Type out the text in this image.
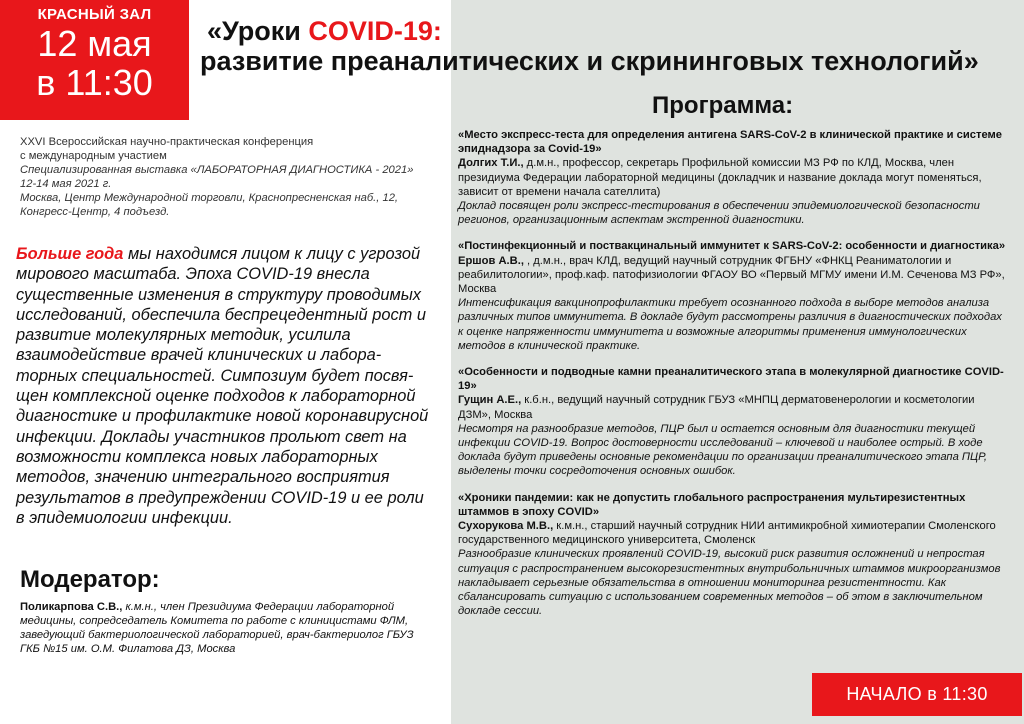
КРАСНЫЙ ЗАЛ
12 мая
в 11:30
«Уроки COVID-19:
развитие преаналитических и скрининговых технологий»
XXVI Всероссийская научно-практическая конференция
с международным участием
Специализированная выставка «ЛАБОРАТОРНАЯ ДИАГНОСТИКА - 2021»
12-14 мая 2021 г.
Москва, Центр Международной торговли, Краснопресненская наб., 12,
Конгресс-Центр, 4 подъезд.
Больше года мы находимся лицом к лицу с угрозой мирового масштаба. Эпоха COVID-19 внесла существенные изменения в структуру проводимых исследований, обеспечила беспрецедентный рост и развитие молекулярных методик, усилила взаимодействие врачей клинических и лабораторных специальностей. Симпозиум будет посвящен комплексной оценке подходов к лабораторной диагностике и профилактике новой коронавирусной инфекции. Доклады участников прольют свет на возможности комплекса новых лабораторных методов, значению интегрального восприятия результатов в предупреждении COVID-19 и ее роли в эпидемиологии инфекции.
Модератор:
Поликарпова С.В., к.м.н., член Президиума Федерации лабораторной медицины, сопредседатель Комитета по работе с клиницистами ФЛМ, заведующий бактериологической лабораторией, врач-бактериолог ГБУЗ ГКБ №15 им. О.М. Филатова ДЗ, Москва
Программа:
«Место экспресс-теста для определения антигена SARS-CoV-2 в клинической практике и системе эпиднадзора за Covid-19»
Долгих Т.И., д.м.н., профессор, секретарь Профильной комиссии МЗ РФ по КЛД, Москва, член президиума Федерации лабораторной медицины (докладчик и название доклада могут поменяться, зависит от времени начала сателлита)
Доклад посвящен роли экспресс-тестирования в обеспечении эпидемиологической безопасности регионов, организационным аспектам экстренной диагностики.
«Постинфекционный и поствакцинальный иммунитет к SARS-CoV-2: особенности и диагностика»
Ершов А.В., , д.м.н., врач КЛД, ведущий научный сотрудник ФГБНУ «ФНКЦ Реаниматологии и реабилитологии», проф.каф. патофизиологии ФГАОУ ВО «Первый МГМУ имени И.М. Сеченова МЗ РФ», Москва
Интенсификация вакцинопрофилактики требует осознанного подхода в выборе методов анализа различных типов иммунитета. В докладе будут рассмотрены различия в диагностических подходах к оценке напряженности иммунитета и возможные алгоритмы применения иммунологических методов в клинической практике.
«Особенности и подводные камни преаналитического этапа в молекулярной диагностике COVID-19»
Гущин А.Е., к.б.н., ведущий научный сотрудник ГБУЗ «МНПЦ дерматовенерологии и косметологии ДЗМ», Москва
Несмотря на разнообразие методов, ПЦР был и остается основным для диагностики текущей инфекции COVID-19. Вопрос достоверности исследований – ключевой и наиболее острый. В ходе доклада будут приведены основные рекомендации по организации преаналитического этапа ПЦР, выделены точки сосредоточения основных ошибок.
«Хроники пандемии: как не допустить глобального распространения мультирезистентных штаммов в эпоху COVID»
Сухорукова М.В., к.м.н., старший научный сотрудник НИИ антимикробной химиотерапии Смоленского государственного медицинского университета, Смоленск
Разнообразие клинических проявлений COVID-19, высокий риск развития осложнений и непростая ситуация с распространением высокорезистентных внутрибольничных штаммов микроорганизмов накладывает серьезные обязательства в отношении мониторинга резистентности. Как сбалансировать ситуацию с использованием современных методов – об этом в заключительном докладе сессии.
НАЧАЛО в 11:30
